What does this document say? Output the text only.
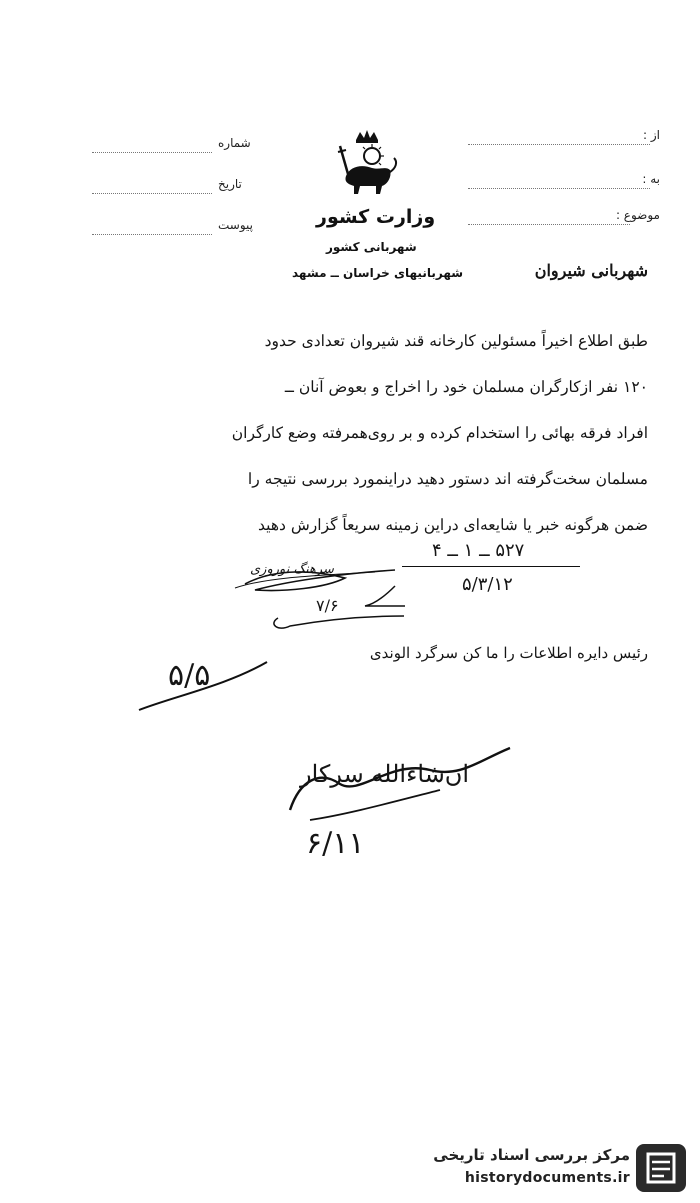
از :
به :
موضوع :
شماره
تاریخ
پیوست	وزارت کشور
شهربانی کشور
شهربانیهای خراسان ــ مشهد	شهربانی شیروان
طبق اطلاع اخیراً مسئولین کارخانه قند شیروان تعدادی حدود
۱۲۰ نفر ازکارگران مسلمان خود را اخراج و بعوض آنان ــ
افراد فرقه بهائی را استخدام کرده و بر روی‌همرفته وضع کارگران
مسلمان سخت‌گرفته اند دستور دهید دراینمورد بررسی نتیجه را
ضمن هرگونه خبر یا شایعه‌ای دراین زمینه سریعاً گزارش دهید
۵۲۷ ــ ۱ ــ ۴
۵/۳/۱۲
سرهنگ نوروزی
۷/۶
رئیس دایره اطلاعات را ما کن سرگرد الوندی
۵/۵
ان‌شاءالله سرکار
۶/۱۱
مرکز بررسی اسناد تاریخی
historydocuments.ir
